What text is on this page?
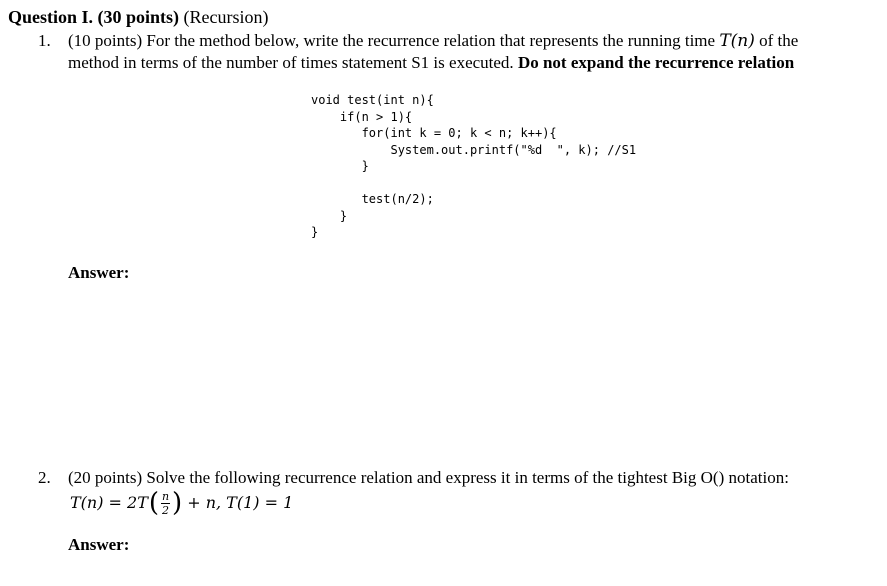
Question I. (30 points) (Recursion)
1. (10 points) For the method below, write the recurrence relation that represents the running time T(n) of the
method in terms of the number of times statement S1 is executed. Do not expand the recurrence relation
void test(int n){
if(n > 1){
for(int k = 0; k < n; k++){
System.out.printf("%d  ", k); //S1
}

test(n/2);
}
}
Answer:
2. (20 points) Solve the following recurrence relation and express it in terms of the tightest Big O() notation:
T(n) = 2T ( $\frac{n}{2}$ ) + n, T(1) = 1
Answer:
